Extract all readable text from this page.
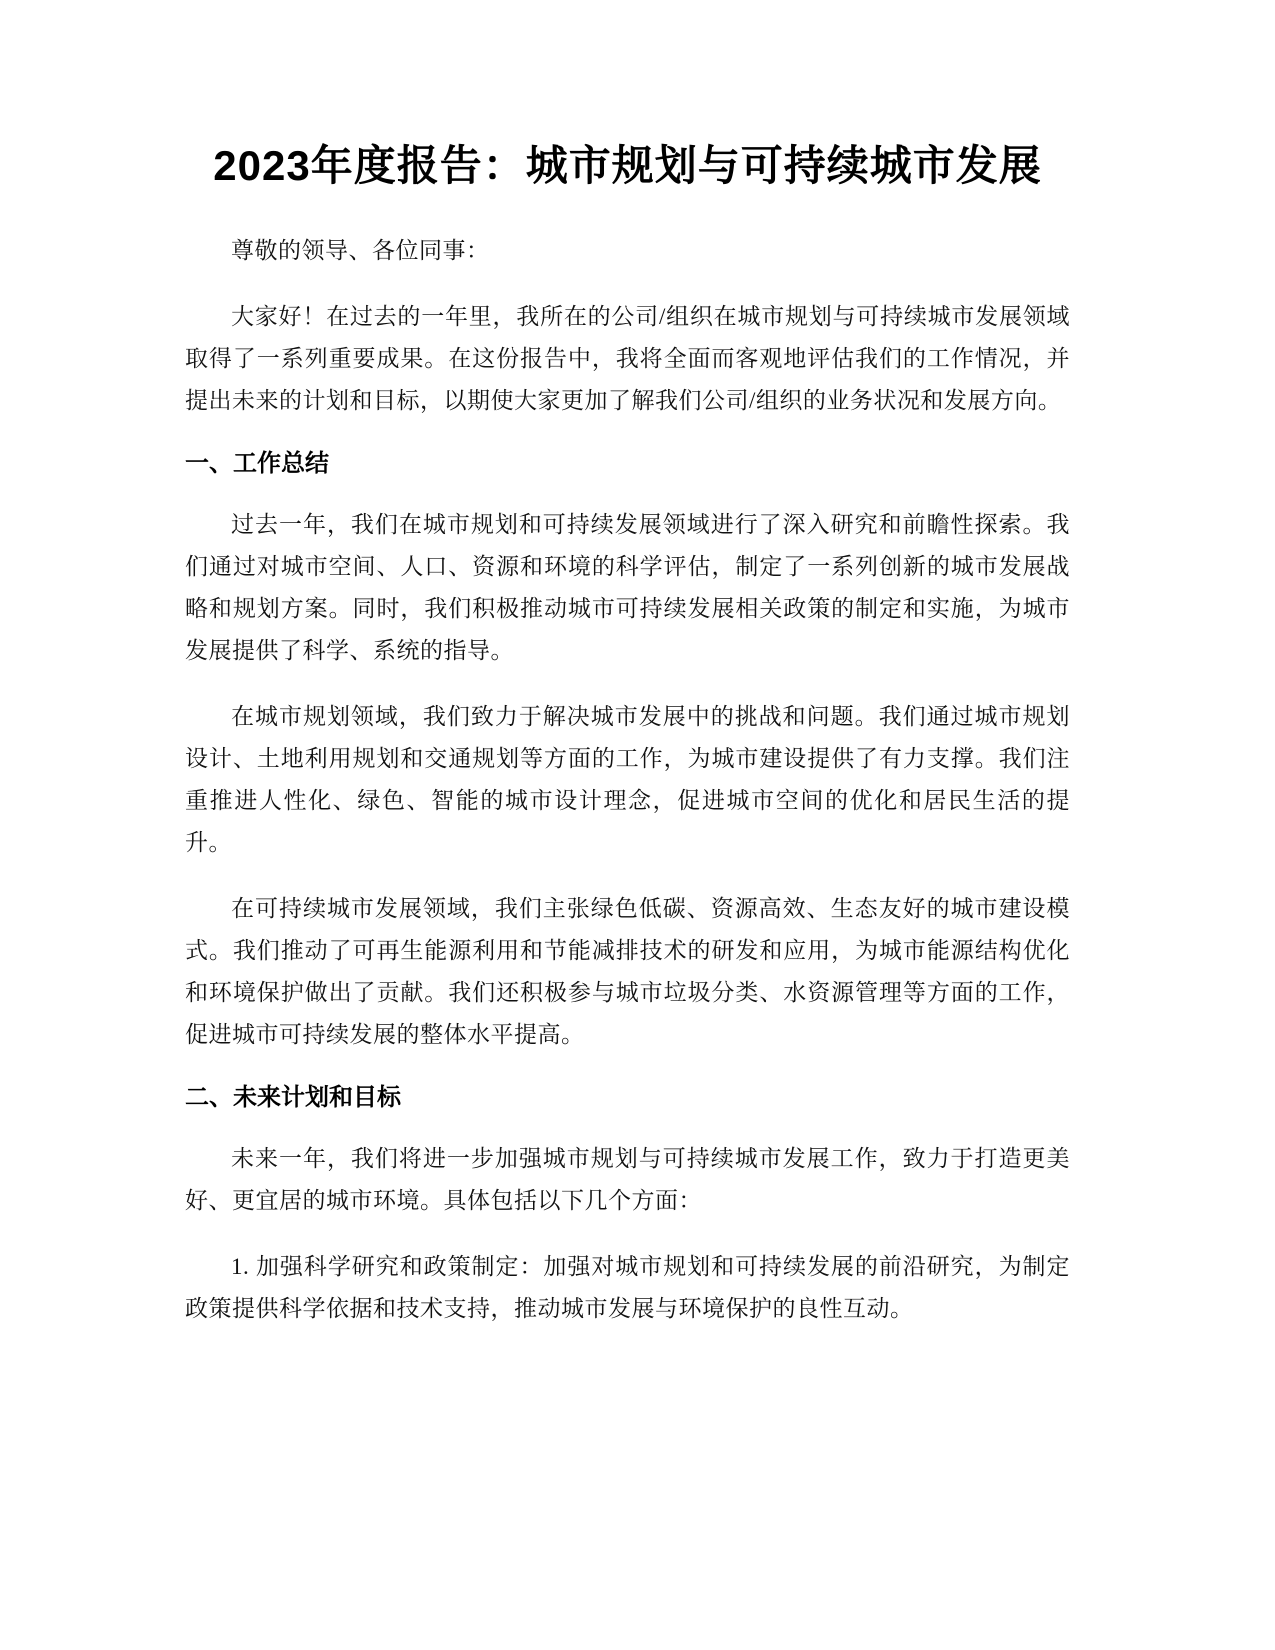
2023年度报告：城市规划与可持续城市发展

尊敬的领导、各位同事：

大家好！在过去的一年里，我所在的公司/组织在城市规划与可持续城市发展领域取得了一系列重要成果。在这份报告中，我将全面而客观地评估我们的工作情况，并提出未来的计划和目标，以期使大家更加了解我们公司/组织的业务状况和发展方向。

一、工作总结

过去一年，我们在城市规划和可持续发展领域进行了深入研究和前瞻性探索。我们通过对城市空间、人口、资源和环境的科学评估，制定了一系列创新的城市发展战略和规划方案。同时，我们积极推动城市可持续发展相关政策的制定和实施，为城市发展提供了科学、系统的指导。

在城市规划领域，我们致力于解决城市发展中的挑战和问题。我们通过城市规划设计、土地利用规划和交通规划等方面的工作，为城市建设提供了有力支撑。我们注重推进人性化、绿色、智能的城市设计理念，促进城市空间的优化和居民生活的提升。

在可持续城市发展领域，我们主张绿色低碳、资源高效、生态友好的城市建设模式。我们推动了可再生能源利用和节能减排技术的研发和应用，为城市能源结构优化和环境保护做出了贡献。我们还积极参与城市垃圾分类、水资源管理等方面的工作，促进城市可持续发展的整体水平提高。

二、未来计划和目标

未来一年，我们将进一步加强城市规划与可持续城市发展工作，致力于打造更美好、更宜居的城市环境。具体包括以下几个方面：

1. 加强科学研究和政策制定：加强对城市规划和可持续发展的前沿研究，为制定政策提供科学依据和技术支持，推动城市发展与环境保护的良性互动。
